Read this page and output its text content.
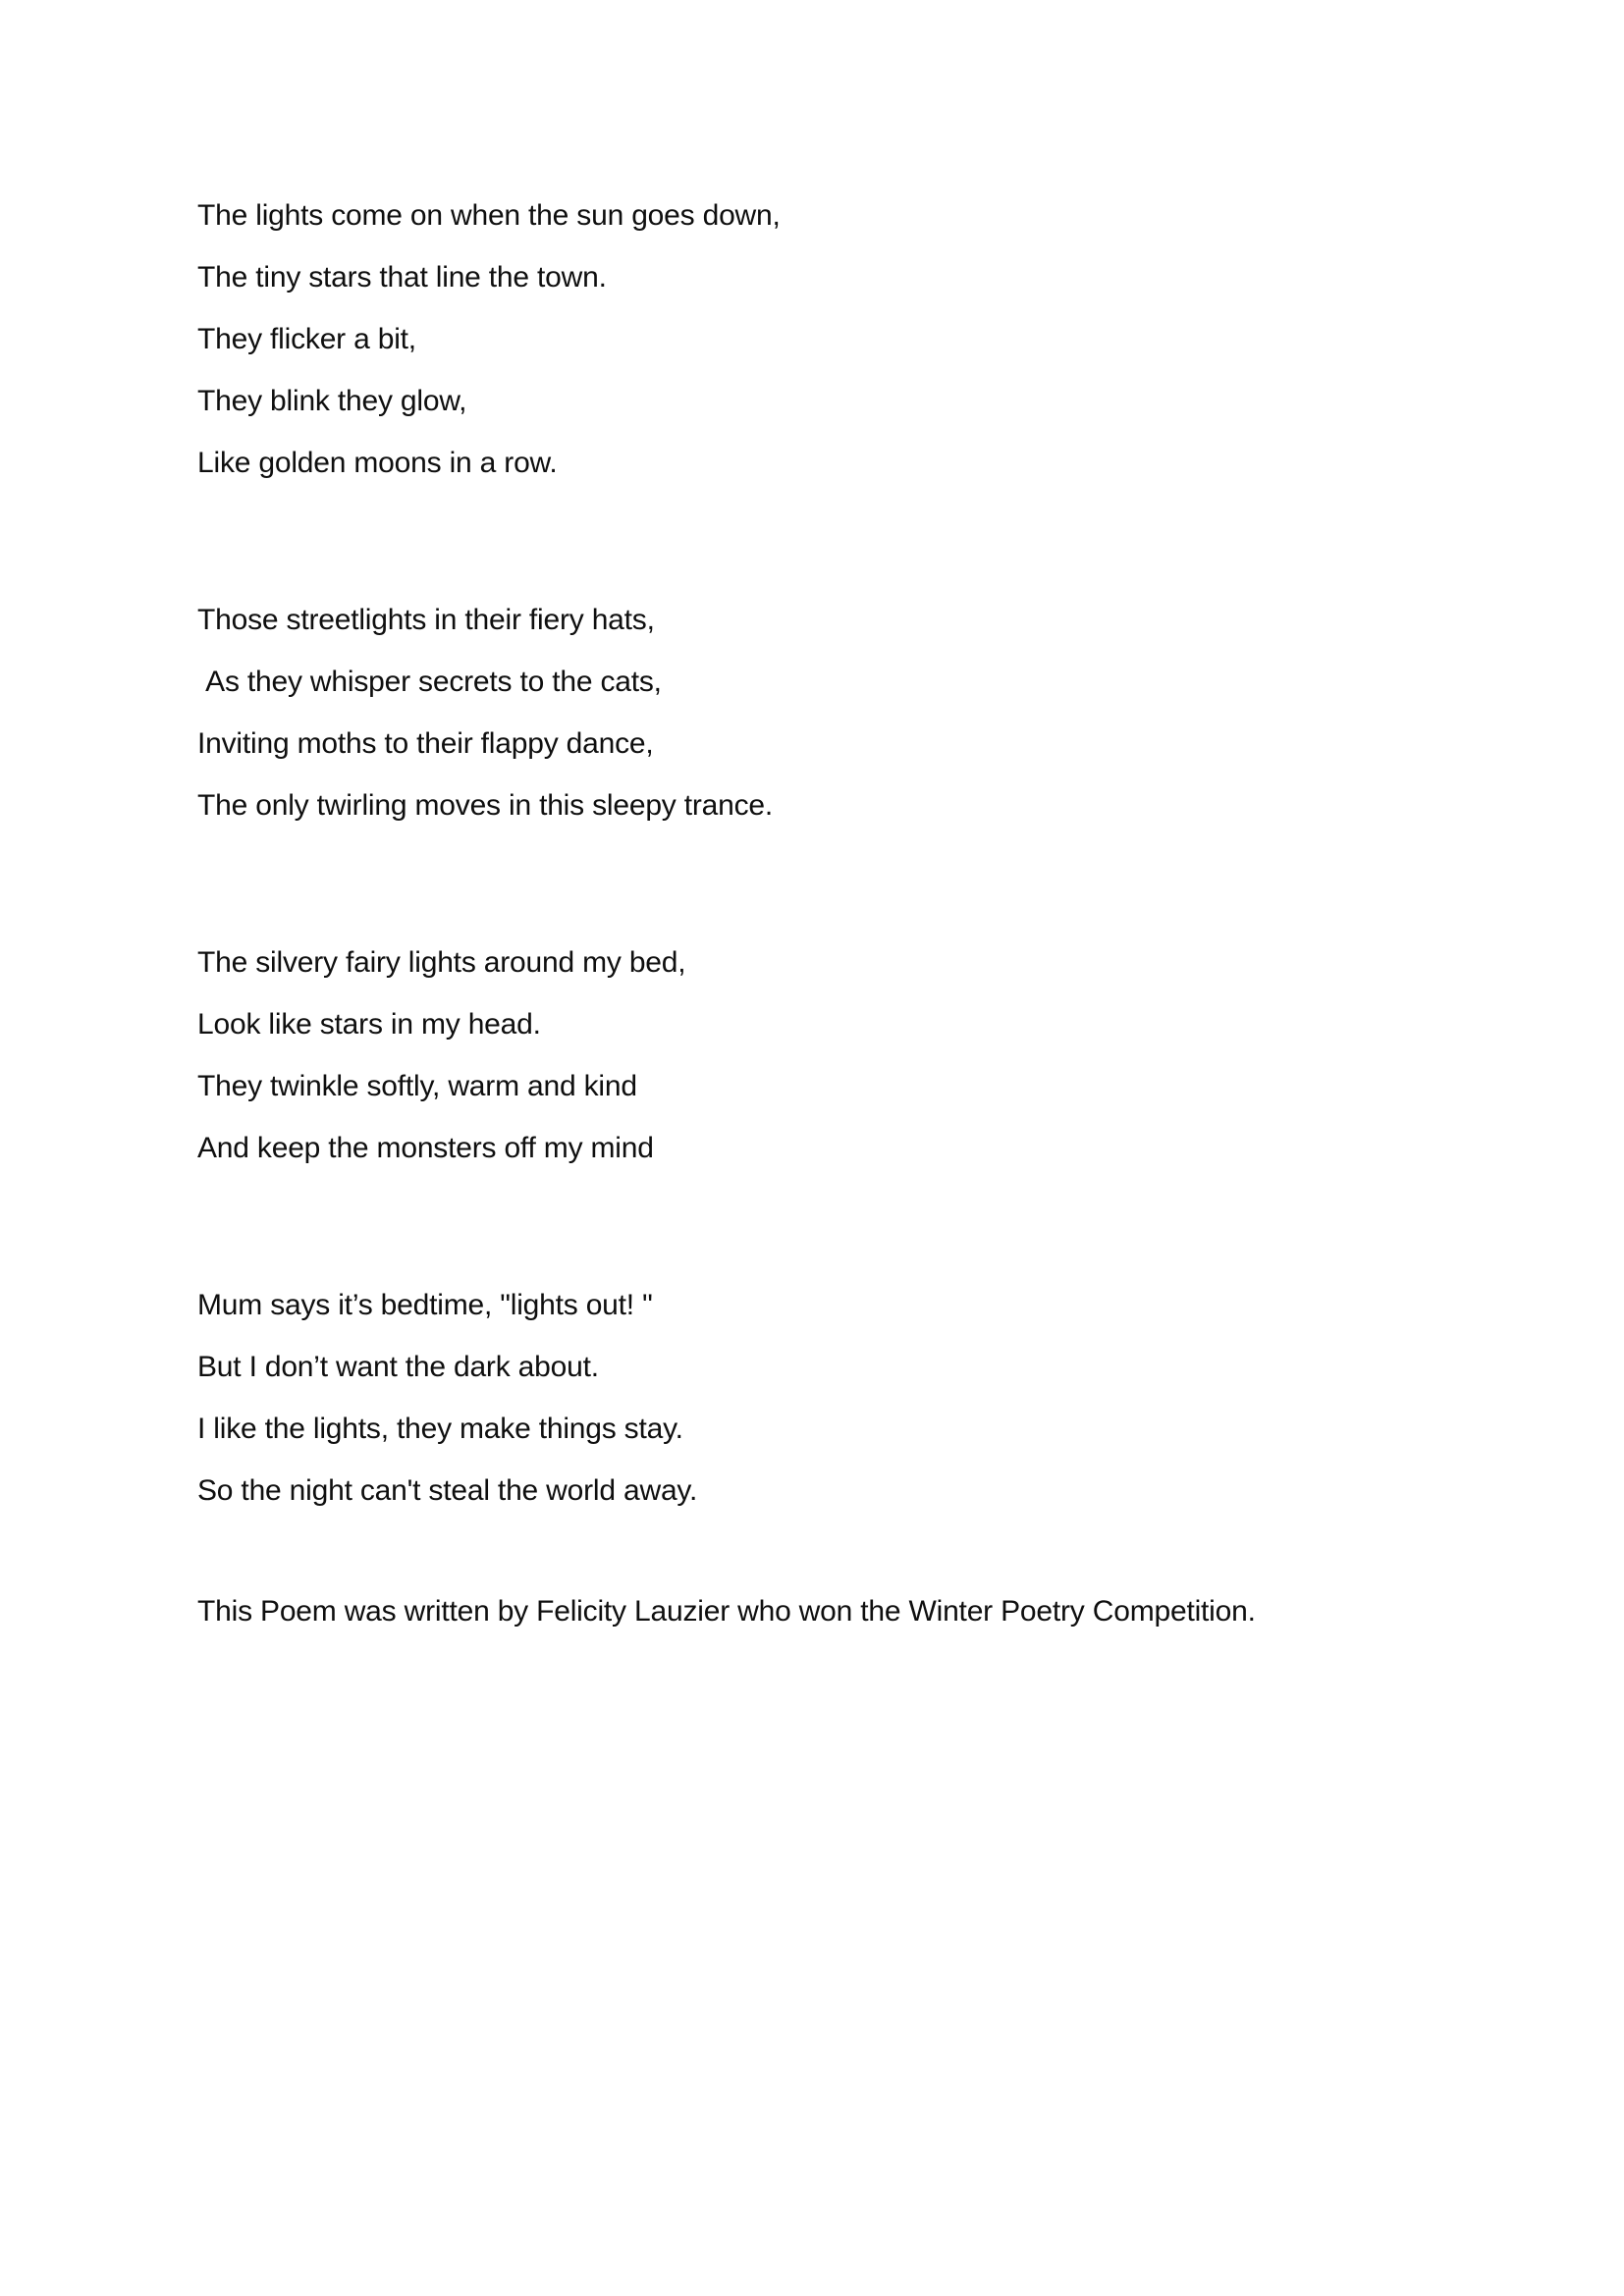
The lights come on when the sun goes down,

The tiny stars that line the town.

They flicker a bit,

They blink they glow,

Like golden moons in a row.

Those streetlights in their fiery hats,

As they whisper secrets to the cats,

Inviting moths to their flappy dance,

The only twirling moves in this sleepy trance.

The silvery fairy lights around my bed,

Look like stars in my head.

They twinkle softly, warm and kind

And keep the monsters off my mind

Mum says it’s bedtime, "lights out! "

But I don’t want the dark about.

I like the lights, they make things stay.

So the night can't steal the world away.

This Poem was written by Felicity Lauzier who won the Winter Poetry Competition.
